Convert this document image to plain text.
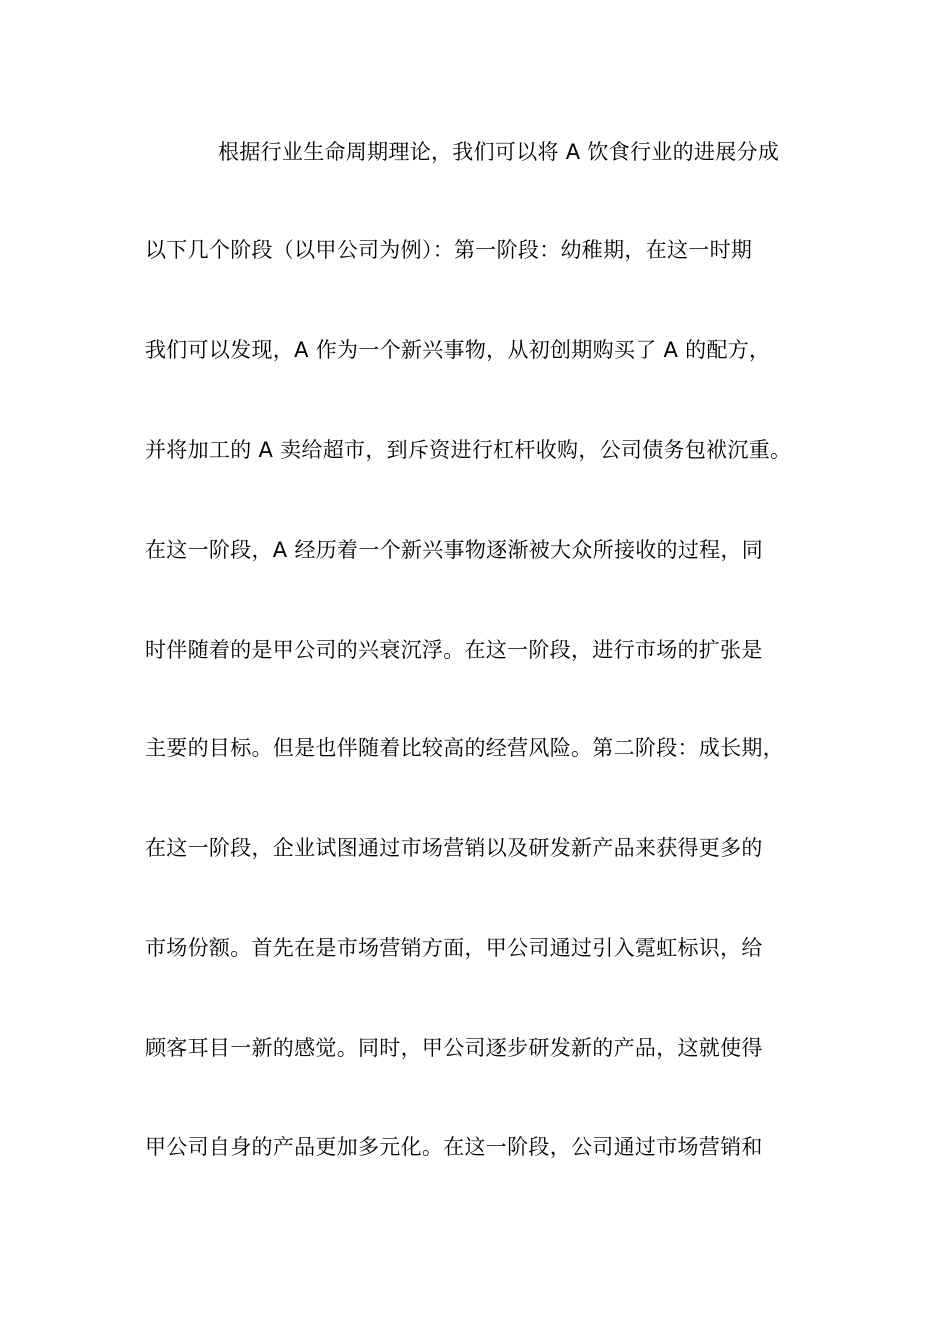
根据行业生命周期理论，我们可以将 A 饮食行业的进展分成
以下几个阶段（以甲公司为例）：第一阶段：幼稚期，在这一时期
我们可以发现，A 作为一个新兴事物，从初创期购买了 A 的配方，
并将加工的 A 卖给超市，到斥资进行杠杆收购，公司债务包袱沉重。
在这一阶段，A 经历着一个新兴事物逐渐被大众所接收的过程，同
时伴随着的是甲公司的兴衰沉浮。在这一阶段，进行市场的扩张是
主要的目标。但是也伴随着比较高的经营风险。第二阶段：成长期，
在这一阶段，企业试图通过市场营销以及研发新产品来获得更多的
市场份额。首先在是市场营销方面，甲公司通过引入霓虹标识，给
顾客耳目一新的感觉。同时，甲公司逐步研发新的产品，这就使得
甲公司自身的产品更加多元化。在这一阶段，公司通过市场营销和
